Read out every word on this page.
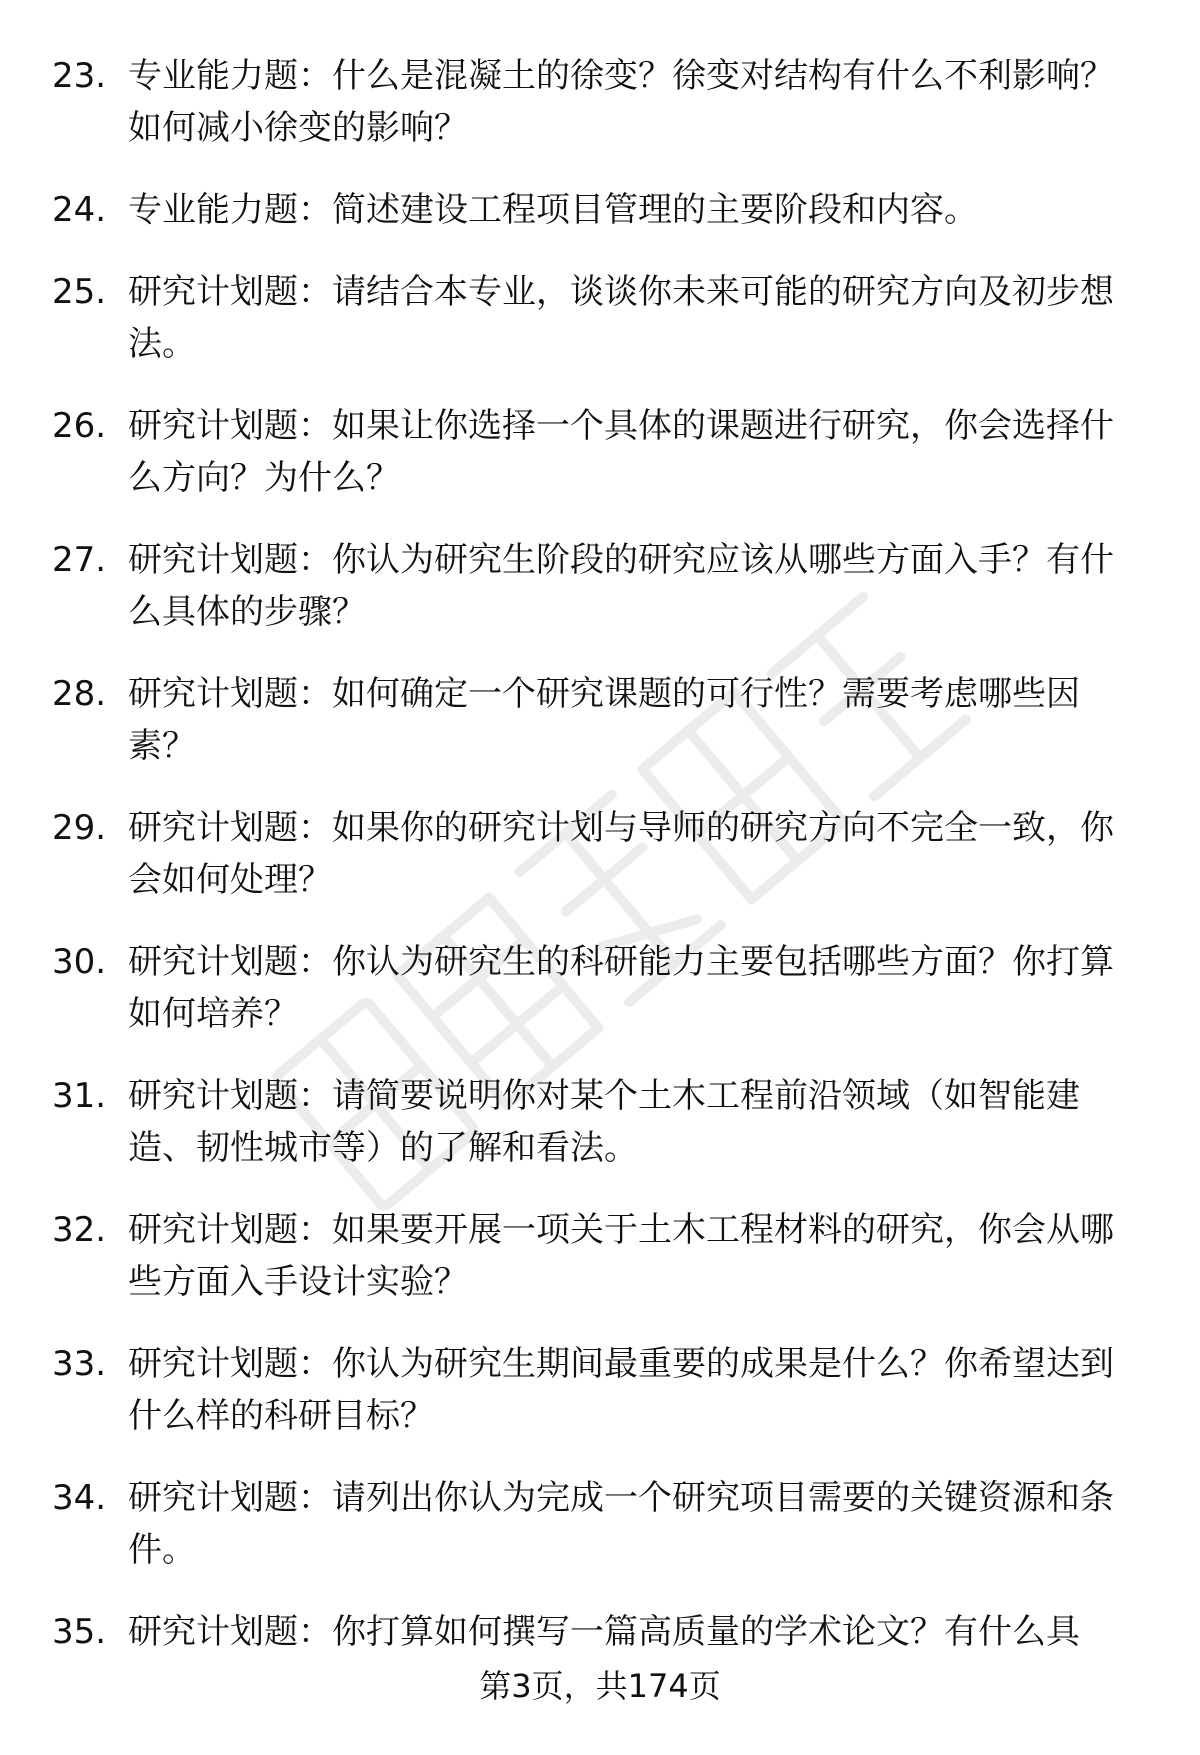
23. 专业能力题：什么是混凝土的徐变？徐变对结构有什么不利影响？如何减小徐变的影响？
24. 专业能力题：简述建设工程项目管理的主要阶段和内容。
25. 研究计划题：请结合本专业，谈谈你未来可能的研究方向及初步想法。
26. 研究计划题：如果让你选择一个具体的课题进行研究，你会选择什么方向？为什么？
27. 研究计划题：你认为研究生阶段的研究应该从哪些方面入手？有什么具体的步骤？
28. 研究计划题：如何确定一个研究课题的可行性？需要考虑哪些因素？
29. 研究计划题：如果你的研究计划与导师的研究方向不完全一致，你会如何处理？
30. 研究计划题：你认为研究生的科研能力主要包括哪些方面？你打算如何培养？
31. 研究计划题：请简要说明你对某个土木工程前沿领域（如智能建造、韧性城市等）的了解和看法。
32. 研究计划题：如果要开展一项关于土木工程材料的研究，你会从哪些方面入手设计实验？
33. 研究计划题：你认为研究生期间最重要的成果是什么？你希望达到什么样的科研目标？
34. 研究计划题：请列出你认为完成一个研究项目需要的关键资源和条件。
35. 研究计划题：你打算如何撰写一篇高质量的学术论文？有什么具
第3页，共174页
